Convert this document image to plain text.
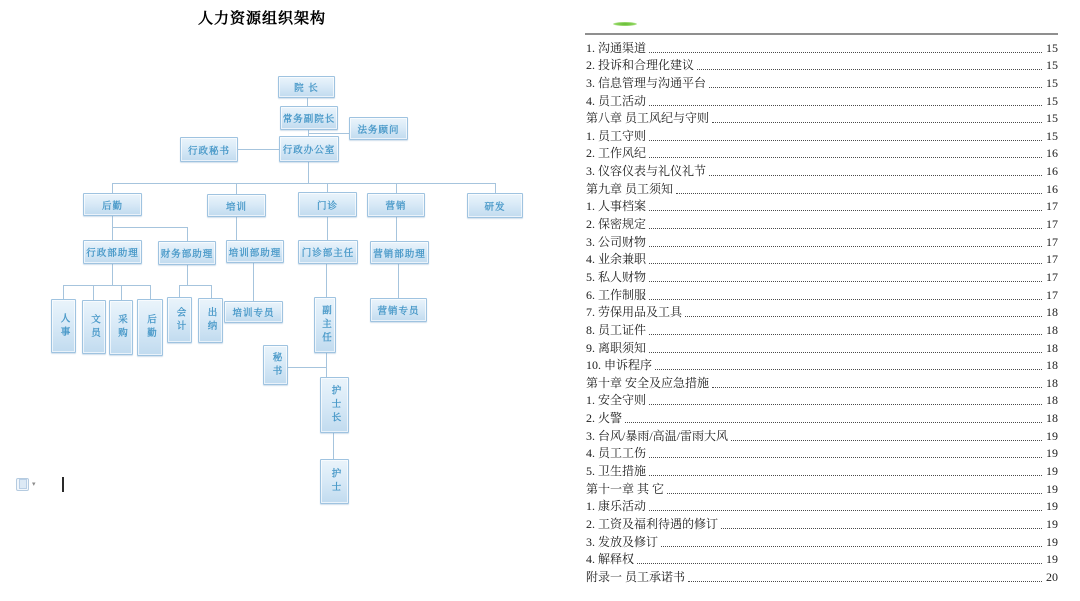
人力资源组织架构
院 长
常务副院长
法务顾问
行政秘书	行政办公室
后勤	培训	门诊	营销	研发
行政部助理	财务部助理 培训部助理	门诊部主任	营销部助理
人事	文员	采购	后勤	会计	出纳	培训专员	副主任	营销专员
秘书
护士长
护士
▾
1. 沟通渠道	15
2. 投诉和合理化建议	15
3. 信息管理与沟通平台	15
4. 员工活动	15
第八章 员工风纪与守则	15
1. 员工守则	15
2. 工作风纪	16
3. 仪容仪表与礼仪礼节	16
第九章 员工须知	16
1. 人事档案	17
2. 保密规定	17
3. 公司财物	17
4. 业余兼职	17
5. 私人财物	17
6. 工作制服	17
7. 劳保用品及工具	18
8. 员工证件	18
9. 离职须知	18
10. 申诉程序	18
第十章 安全及应急措施	18
1. 安全守则	18
2. 火警	18
3. 台风/暴雨/高温/雷雨大风	19
4. 员工工伤	19
5. 卫生措施	19
第十一章 其 它	19
1. 康乐活动	19
2. 工资及福利待遇的修订	19
3. 发放及修订	19
4. 解释权	19
附录一 员工承诺书	20
